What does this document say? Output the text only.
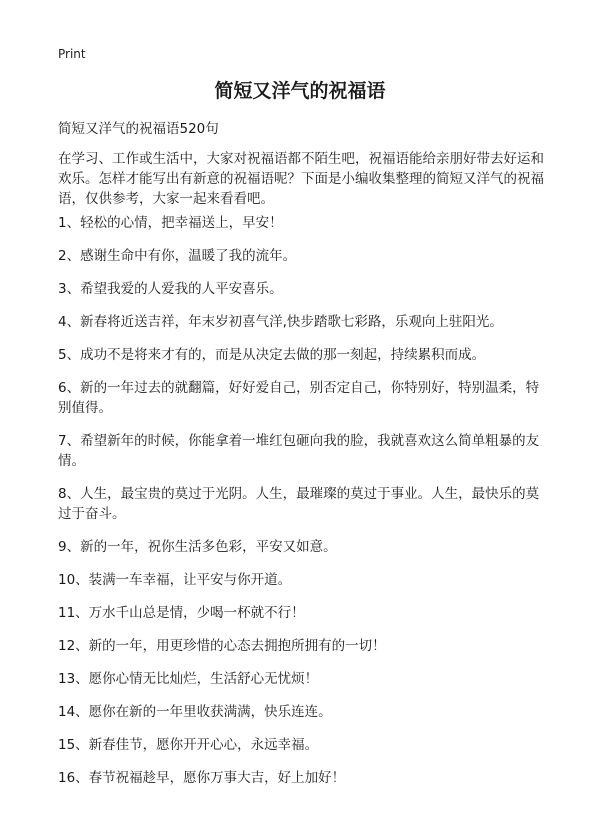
Print
简短又洋气的祝福语

简短又洋气的祝福语520句

在学习、工作或生活中，大家对祝福语都不陌生吧，祝福语能给亲朋好带去好运和欢乐。怎样才能写出有新意的祝福语呢？下面是小编收集整理的简短又洋气的祝福语，仅供参考，大家一起来看看吧。

1、轻松的心情，把幸福送上，早安！
2、感谢生命中有你，温暖了我的流年。
3、希望我爱的人爱我的人平安喜乐。
4、新春将近送吉祥，年末岁初喜气洋,快步踏歌七彩路，乐观向上驻阳光。
5、成功不是将来才有的，而是从决定去做的那一刻起，持续累积而成。
6、新的一年过去的就翻篇，好好爱自己，别否定自己，你特别好，特别温柔，特别值得。
7、希望新年的时候，你能拿着一堆红包砸向我的脸，我就喜欢这么简单粗暴的友情。
8、人生，最宝贵的莫过于光阴。人生，最璀璨的莫过于事业。人生，最快乐的莫过于奋斗。
9、新的一年，祝你生活多色彩，平安又如意。
10、装满一车幸福，让平安与你开道。
11、万水千山总是情，少喝一杯就不行！
12、新的一年，用更珍惜的心态去拥抱所拥有的一切！
13、愿你心情无比灿烂，生活舒心无忧烦！
14、愿你在新的一年里收获满满，快乐连连。
15、新春佳节，愿你开开心心，永远幸福。
16、春节祝福趁早，愿你万事大吉，好上加好！
